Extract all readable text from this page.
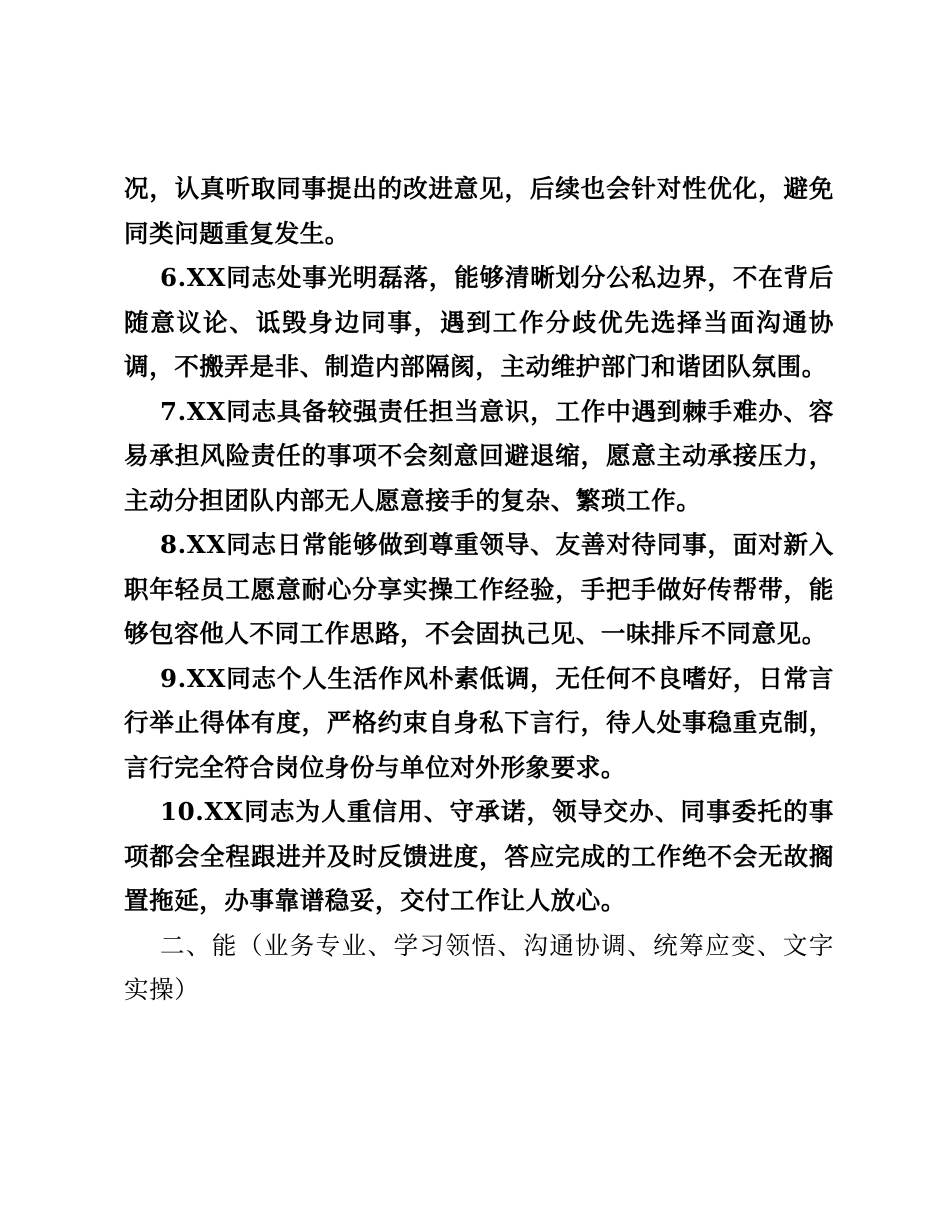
况，认真听取同事提出的改进意见，后续也会针对性优化，避免同类问题重复发生。

6.XX同志处事光明磊落，能够清晰划分公私边界，不在背后随意议论、诋毁身边同事，遇到工作分歧优先选择当面沟通协调，不搬弄是非、制造内部隔阂，主动维护部门和谐团队氛围。

7.XX同志具备较强责任担当意识，工作中遇到棘手难办、容易承担风险责任的事项不会刻意回避退缩，愿意主动承接压力，主动分担团队内部无人愿意接手的复杂、繁琐工作。

8.XX同志日常能够做到尊重领导、友善对待同事，面对新入职年轻员工愿意耐心分享实操工作经验，手把手做好传帮带，能够包容他人不同工作思路，不会固执己见、一味排斥不同意见。

9.XX同志个人生活作风朴素低调，无任何不良嗜好，日常言行举止得体有度，严格约束自身私下言行，待人处事稳重克制，言行完全符合岗位身份与单位对外形象要求。

10.XX同志为人重信用、守承诺，领导交办、同事委托的事项都会全程跟进并及时反馈进度，答应完成的工作绝不会无故搁置拖延，办事靠谱稳妥，交付工作让人放心。

二、能（业务专业、学习领悟、沟通协调、统筹应变、文字实操）
